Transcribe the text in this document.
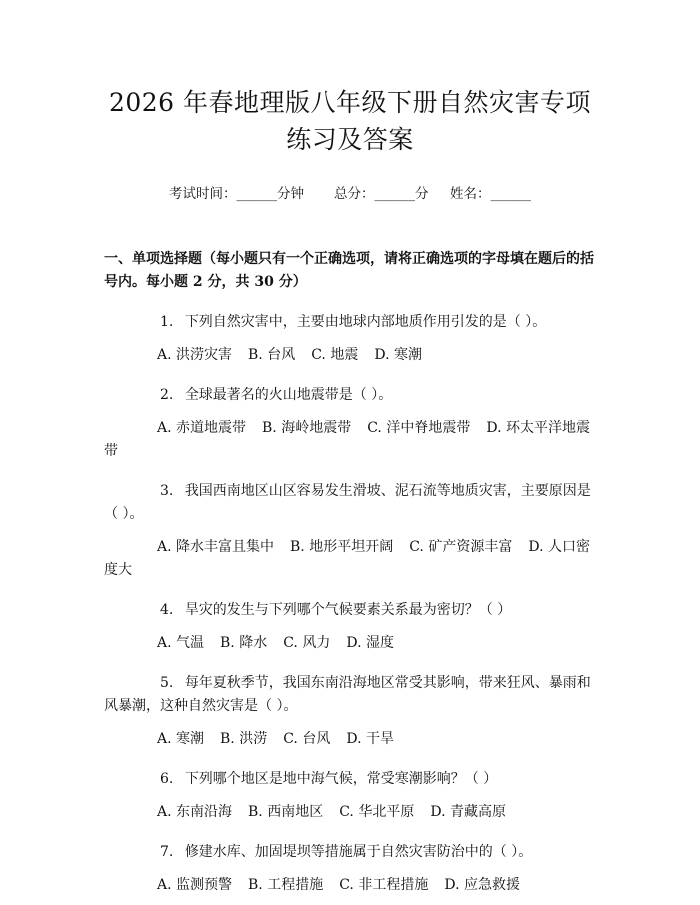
2026 年春地理版八年级下册自然灾害专项练习及答案
考试时间：______分钟 总分：______分 姓名：______
一、单项选择题（每小题只有一个正确选项，请将正确选项的字母填在题后的括号内。每小题 2 分，共 30 分）
1.  下列自然灾害中，主要由地球内部地质作用引发的是（ ）。
A. 洪涝灾害 B. 台风 C. 地震 D. 寒潮
2.  全球最著名的火山地震带是（ ）。
A. 赤道地震带 B. 海岭地震带 C. 洋中脊地震带 D. 环太平洋地震带
3.  我国西南地区山区容易发生滑坡、泥石流等地质灾害，主要原因是（ ）。
A. 降水丰富且集中 B. 地形平坦开阔 C. 矿产资源丰富 D. 人口密度大
4.  旱灾的发生与下列哪个气候要素关系最为密切？（ ）
A. 气温 B. 降水 C. 风力 D. 湿度
5.  每年夏秋季节，我国东南沿海地区常受其影响，带来狂风、暴雨和风暴潮，这种自然灾害是（ ）。
A. 寒潮 B. 洪涝 C. 台风 D. 干旱
6.  下列哪个地区是地中海气候，常受寒潮影响？（ ）
A. 东南沿海 B. 西南地区 C. 华北平原 D. 青藏高原
7.  修建水库、加固堤坝等措施属于自然灾害防治中的（ ）。
A. 监测预警 B. 工程措施 C. 非工程措施 D. 应急救援
